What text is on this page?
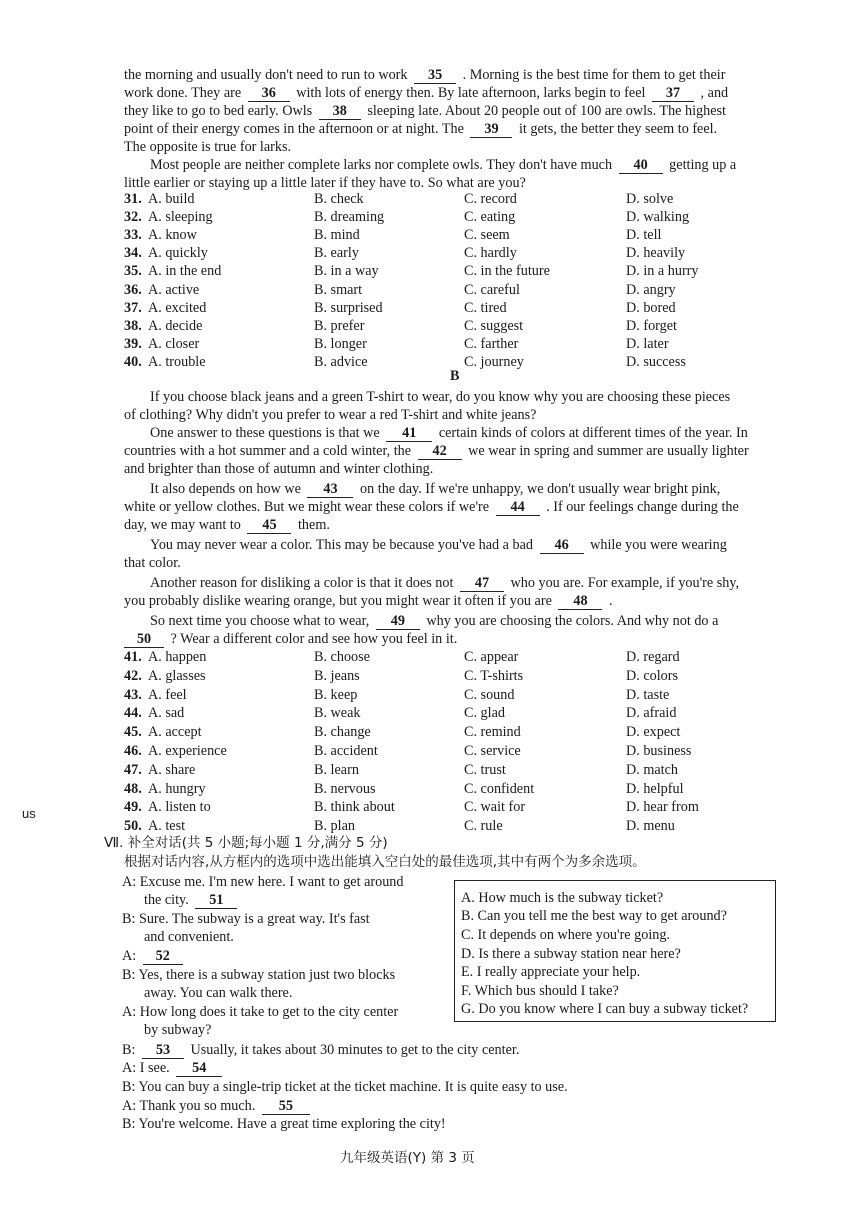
the morning and usually don't need to run to work 35 . Morning is the best time for them to get their
work done. They are 36 with lots of energy then. By late afternoon, larks begin to feel 37 , and
they like to go to bed early. Owls 38 sleeping late. About 20 people out of 100 are owls. The highest
point of their energy comes in the afternoon or at night. The 39 it gets, the better they seem to feel.
The opposite is true for larks.
Most people are neither complete larks nor complete owls. They don't have much 40 getting up a
little earlier or staying up a little later if they have to. So what are you?
31. A. build	B. check	C. record	D. solve
32. A. sleeping	B. dreaming	C. eating	D. walking
33. A. know	B. mind	C. seem	D. tell
34. A. quickly	B. early	C. hardly	D. heavily
35. A. in the end	B. in a way	C. in the future	D. in a hurry
36. A. active	B. smart	C. careful	D. angry
37. A. excited	B. surprised	C. tired	D. bored
38. A. decide	B. prefer	C. suggest	D. forget
39. A. closer	B. longer	C. farther	D. later
40. A. trouble	B. advice	C. journey	D. success
B
If you choose black jeans and a green T-shirt to wear, do you know why you are choosing these pieces
of clothing? Why didn't you prefer to wear a red T-shirt and white jeans?
One answer to these questions is that we 41 certain kinds of colors at different times of the year. In
countries with a hot summer and a cold winter, the 42 we wear in spring and summer are usually lighter
and brighter than those of autumn and winter clothing.
It also depends on how we 43 on the day. If we're unhappy, we don't usually wear bright pink,
white or yellow clothes. But we might wear these colors if we're 44 . If our feelings change during the
day, we may want to 45 them.
You may never wear a color. This may be because you've had a bad 46 while you were wearing
that color.
Another reason for disliking a color is that it does not 47 who you are. For example, if you're shy,
you probably dislike wearing orange, but you might wear it often if you are 48 .
So next time you choose what to wear, 49 why you are choosing the colors. And why not do a
50 ? Wear a different color and see how you feel in it.
41. A. happen	B. choose	C. appear	D. regard
42. A. glasses	B. jeans	C. T-shirts	D. colors
43. A. feel	B. keep	C. sound	D. taste
44. A. sad	B. weak	C. glad	D. afraid
45. A. accept	B. change	C. remind	D. expect
46. A. experience	B. accident	C. service	D. business
47. A. share	B. learn	C. trust	D. match
48. A. hungry	B. nervous	C. confident	D. helpful
49. A. listen to	B. think about	C. wait for	D. hear from
50. A. test	B. plan	C. rule	D. menu
us
Ⅶ. 补全对话(共 5 小题;每小题 1 分,满分 5 分)
根据对话内容,从方框内的选项中选出能填入空白处的最佳选项,其中有两个为多余选项。
A: Excuse me. I'm new here. I want to get around
the city. 51
B: Sure. The subway is a great way. It's fast
and convenient.
A: 52
B: Yes, there is a subway station just two blocks
away. You can walk there.
A: How long does it take to get to the city center
by subway?
B: 53 Usually, it takes about 30 minutes to get to the city center.
A: I see. 54
B: You can buy a single-trip ticket at the ticket machine. It is quite easy to use.
A: Thank you so much. 55
B: You're welcome. Have a great time exploring the city!
A. How much is the subway ticket?
B. Can you tell me the best way to get around?
C. It depends on where you're going.
D. Is there a subway station near here?
E. I really appreciate your help.
F. Which bus should I take?
G. Do you know where I can buy a subway ticket?
九年级英语(Y) 第 3 页
